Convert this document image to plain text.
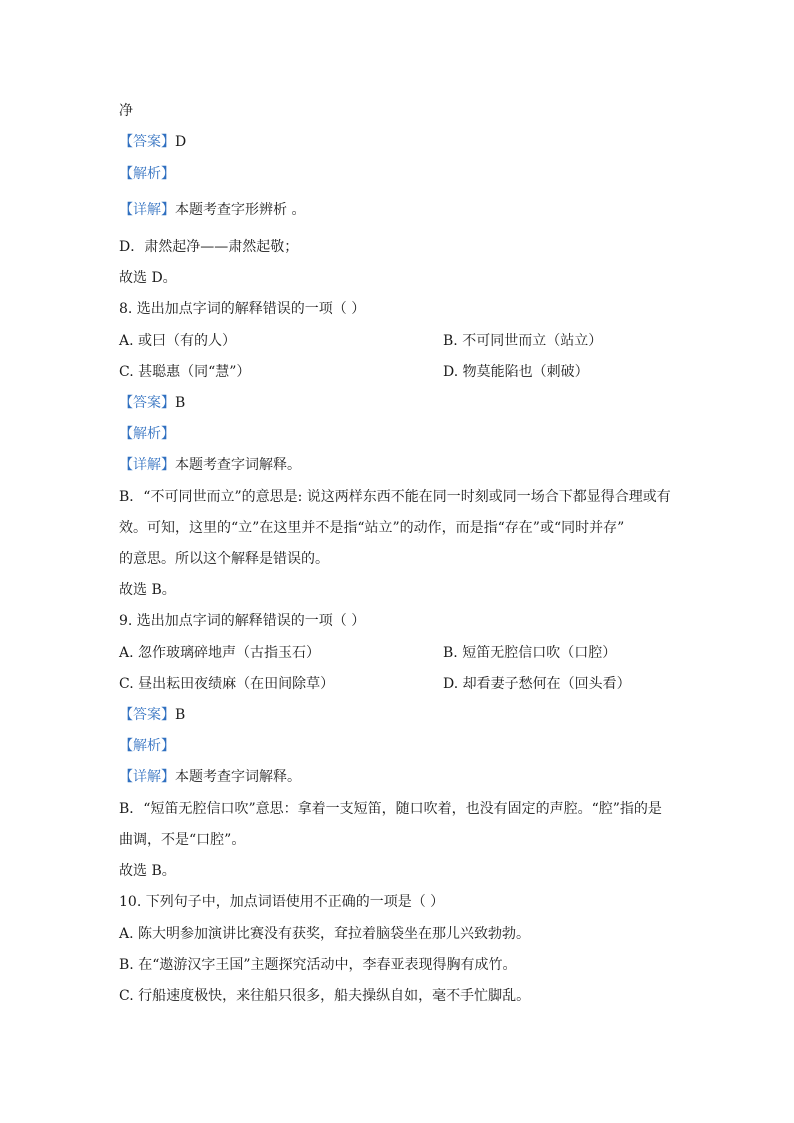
净
【答案】D
【解析】
【详解】本题考查字形辨析 。
D．肃然起净——肃然起敬；
故选 D。
8. 选出加点字词的解释错误的一项（ ）
A. 或曰（有的人）	B. 不可同世而立（站立）
C. 甚聪惠（同“慧”）	D. 物莫能陷也（刺破）
【答案】B
【解析】
【详解】本题考查字词解释。
B．“不可同世而立”的意思是: 说这两样东西不能在同一时刻或同一场合下都显得合理或有
效。可知，这里的“立”在这里并不是指“站立”的动作，而是指“存在”或“同时并存”
的意思。所以这个解释是错误的。
故选 B。
9. 选出加点字词的解释错误的一项（ ）
A. 忽作玻璃碎地声（古指玉石）	B. 短笛无腔信口吹（口腔）
C. 昼出耘田夜绩麻（在田间除草）	D. 却看妻子愁何在（回头看）
【答案】B
【解析】
【详解】本题考查字词解释。
B．“短笛无腔信口吹”意思：拿着一支短笛，随口吹着，也没有固定的声腔。“腔”指的是
曲调，不是“口腔”。
故选 B。
10. 下列句子中，加点词语使用不正确的一项是（ ）
A. 陈大明参加演讲比赛没有获奖，耷拉着脑袋坐在那儿兴致勃勃。
B. 在“遨游汉字王国”主题探究活动中，李春亚表现得胸有成竹。
C. 行船速度极快，来往船只很多，船夫操纵自如，毫不手忙脚乱。
